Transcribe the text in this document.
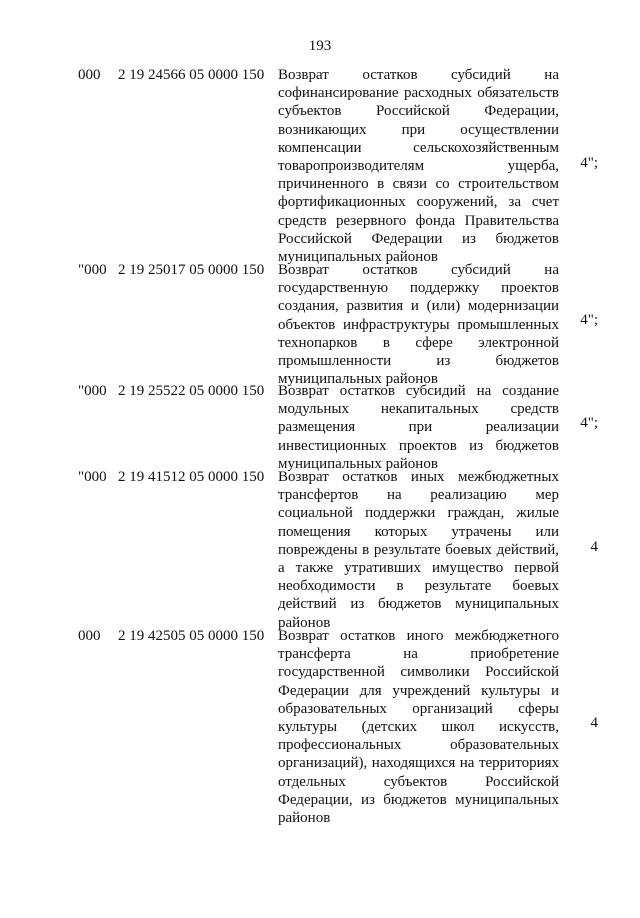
193
000 2 19 24566 05 0000 150 Возврат остатков субсидий на софинансирование расходных обязательств субъектов Российской Федерации, возникающих при осуществлении компенсации сельскохозяйственным товаропроизводителям ущерба, причиненного в связи со строительством фортификационных сооружений, за счет средств резервного фонда Правительства Российской Федерации из бюджетов муниципальных районов

4";
"000 2 19 25017 05 0000 150 Возврат остатков субсидий на государственную поддержку проектов создания, развития и (или) модернизации объектов инфраструктуры промышленных технопарков в сфере электронной промышленности из бюджетов муниципальных районов

4";
"000 2 19 25522 05 0000 150 Возврат остатков субсидий на создание модульных некапитальных средств размещения при реализации инвестиционных проектов из бюджетов муниципальных районов

4";
"000 2 19 41512 05 0000 150 Возврат остатков иных межбюджетных трансфертов на реализацию мер социальной поддержки граждан, жилые помещения которых утрачены или повреждены в результате боевых действий, а также утративших имущество первой необходимости в результате боевых действий из бюджетов муниципальных районов

4
000 2 19 42505 05 0000 150 Возврат остатков иного межбюджетного трансферта на приобретение государственной символики Российской Федерации для учреждений культуры и образовательных организаций сферы культуры (детских школ искусств, профессиональных образовательных организаций), находящихся на территориях отдельных субъектов Российской Федерации, из бюджетов муниципальных районов

4
